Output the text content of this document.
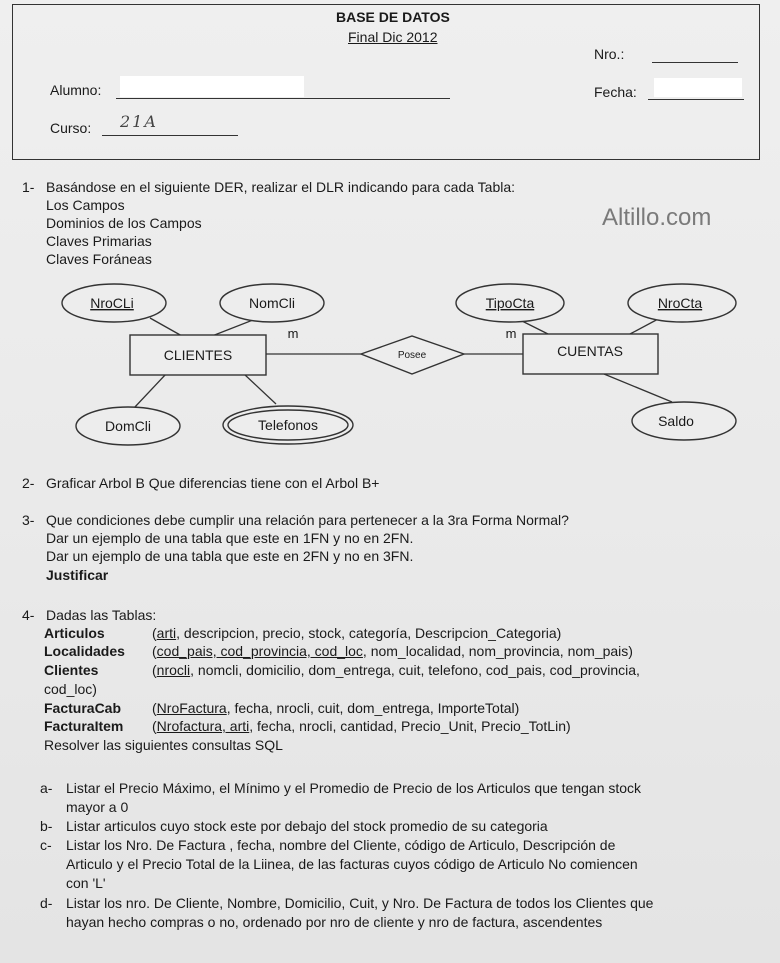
BASE DE DATOS
Final Dic 2012
Nro.:
Alumno:	Fecha:
Curso: 21A
Altillo.com
1- Basándose en el siguiente DER, realizar el DLR indicando para cada Tabla:
Los Campos
Dominios de los Campos
Claves Primarias
Claves Foráneas
CLIENTES	CUENTAS
Posee
NroCLi	NomCli
DomCli	Telefonos
TipoCta	NroCta
Saldo
m	m
2- Graficar Arbol B Que diferencias tiene con el Arbol B+
3- Que condiciones debe cumplir una relación para pertenecer a la 3ra Forma Normal?
Dar un ejemplo de una tabla que este en 1FN y no en 2FN.
Dar un ejemplo de una tabla que este en 2FN y no en 3FN.
Justificar
4- Dadas las Tablas:
Articulos	(arti, descripcion, precio, stock, categoría, Descripcion_Categoria)
Localidades (cod_pais, cod_provincia, cod_loc, nom_localidad, nom_provincia, nom_pais)
Clientes	(nrocli, nomcli, domicilio, dom_entrega, cuit, telefono, cod_pais, cod_provincia,
cod_loc)
FacturaCab (NroFactura, fecha, nrocli, cuit, dom_entrega, ImporteTotal)
FacturaItem (Nrofactura, arti, fecha, nrocli, cantidad, Precio_Unit, Precio_TotLin)
Resolver las siguientes consultas SQL
a- Listar el Precio Máximo, el Mínimo y el Promedio de Precio de los Articulos que tengan stock
mayor a 0
b- Listar articulos cuyo stock este por debajo del stock promedio de su categoria
c- Listar los Nro. De Factura , fecha, nombre del Cliente, código de Articulo, Descripción de
Articulo y el Precio Total de la Liinea, de las facturas cuyos código de Articulo No comiencen
con 'L'
d- Listar los nro. De Cliente, Nombre, Domicilio, Cuit, y Nro. De Factura de todos los Clientes que
hayan hecho compras o no, ordenado por nro de cliente y nro de factura, ascendentes
